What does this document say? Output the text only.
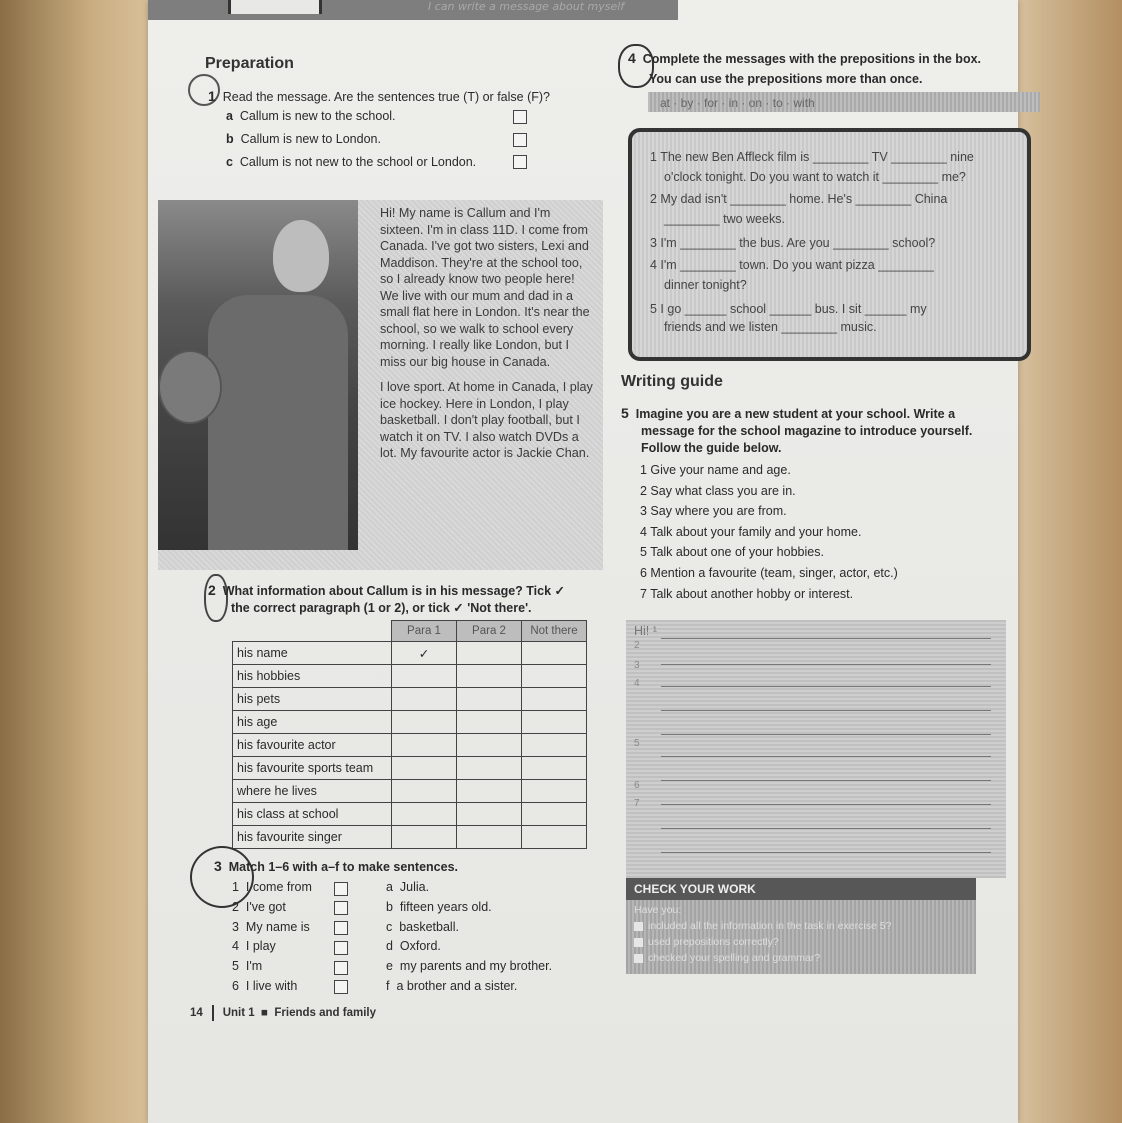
I can write a message about myself
Preparation
1 Read the message. Are the sentences true (T) or false (F)?
a Callum is new to the school.
b Callum is new to London.
c Callum is not new to the school or London.

Hi! My name is Callum and I'm sixteen. I'm in class 11D. I come from Canada. I've got two sisters, Lexi and Maddison. They're at the school too, so I already know two people here! We live with our mum and dad in a small flat here in London. It's near the school, so we walk to school every morning. I really like London, but I miss our big house in Canada.

I love sport. At home in Canada, I play ice hockey. Here in London, I play basketball. I don't play football, but I watch it on TV. I also watch DVDs a lot. My favourite actor is Jackie Chan.

2 What information about Callum is in his message? Tick ✓
the correct paragraph (1 or 2), or tick ✓ 'Not there'.
	Para 1	Para 2	Not there
his name	✓		
his hobbies			
his pets			
his age			
his favourite actor			
his favourite sports team			
where he lives			
his class at school			
his favourite singer			
3 Match 1–6 with a–f to make sentences.
1 I come from
2 I've got
3 My name is
4 I play
5 I'm
6 I live with
a Julia.
b fifteen years old.
c basketball.
d Oxford.
e my parents and my brother.
f a brother and a sister.
14 Unit 1  ■  Friends and family
4 Complete the messages with the prepositions in the box.
You can use the prepositions more than once.
at · by · for · in · on · to · with
1 The new Ben Affleck film is ________ TV ________ nine
o'clock tonight. Do you want to watch it ________ me?
2 My dad isn't ________ home. He's ________ China
________ two weeks.
3 I'm ________ the bus. Are you ________ school?
4 I'm ________ town. Do you want pizza ________
dinner tonight?
5 I go ______ school ______ bus. I sit ______ my
friends and we listen ________ music.
Writing guide
5 Imagine you are a new student at your school. Write a
message for the school magazine to introduce yourself.
Follow the guide below.
1 Give your name and age.
2 Say what class you are in.
3 Say where you are from.
4 Talk about your family and your home.
5 Talk about one of your hobbies.
6 Mention a favourite (team, singer, actor, etc.)
7 Talk about another hobby or interest.
Hi! ¹
2
3
4
5
6
7
CHECK YOUR WORK
Have you:
included all the information in the task in exercise 5?
used prepositions correctly?
checked your spelling and grammar?
